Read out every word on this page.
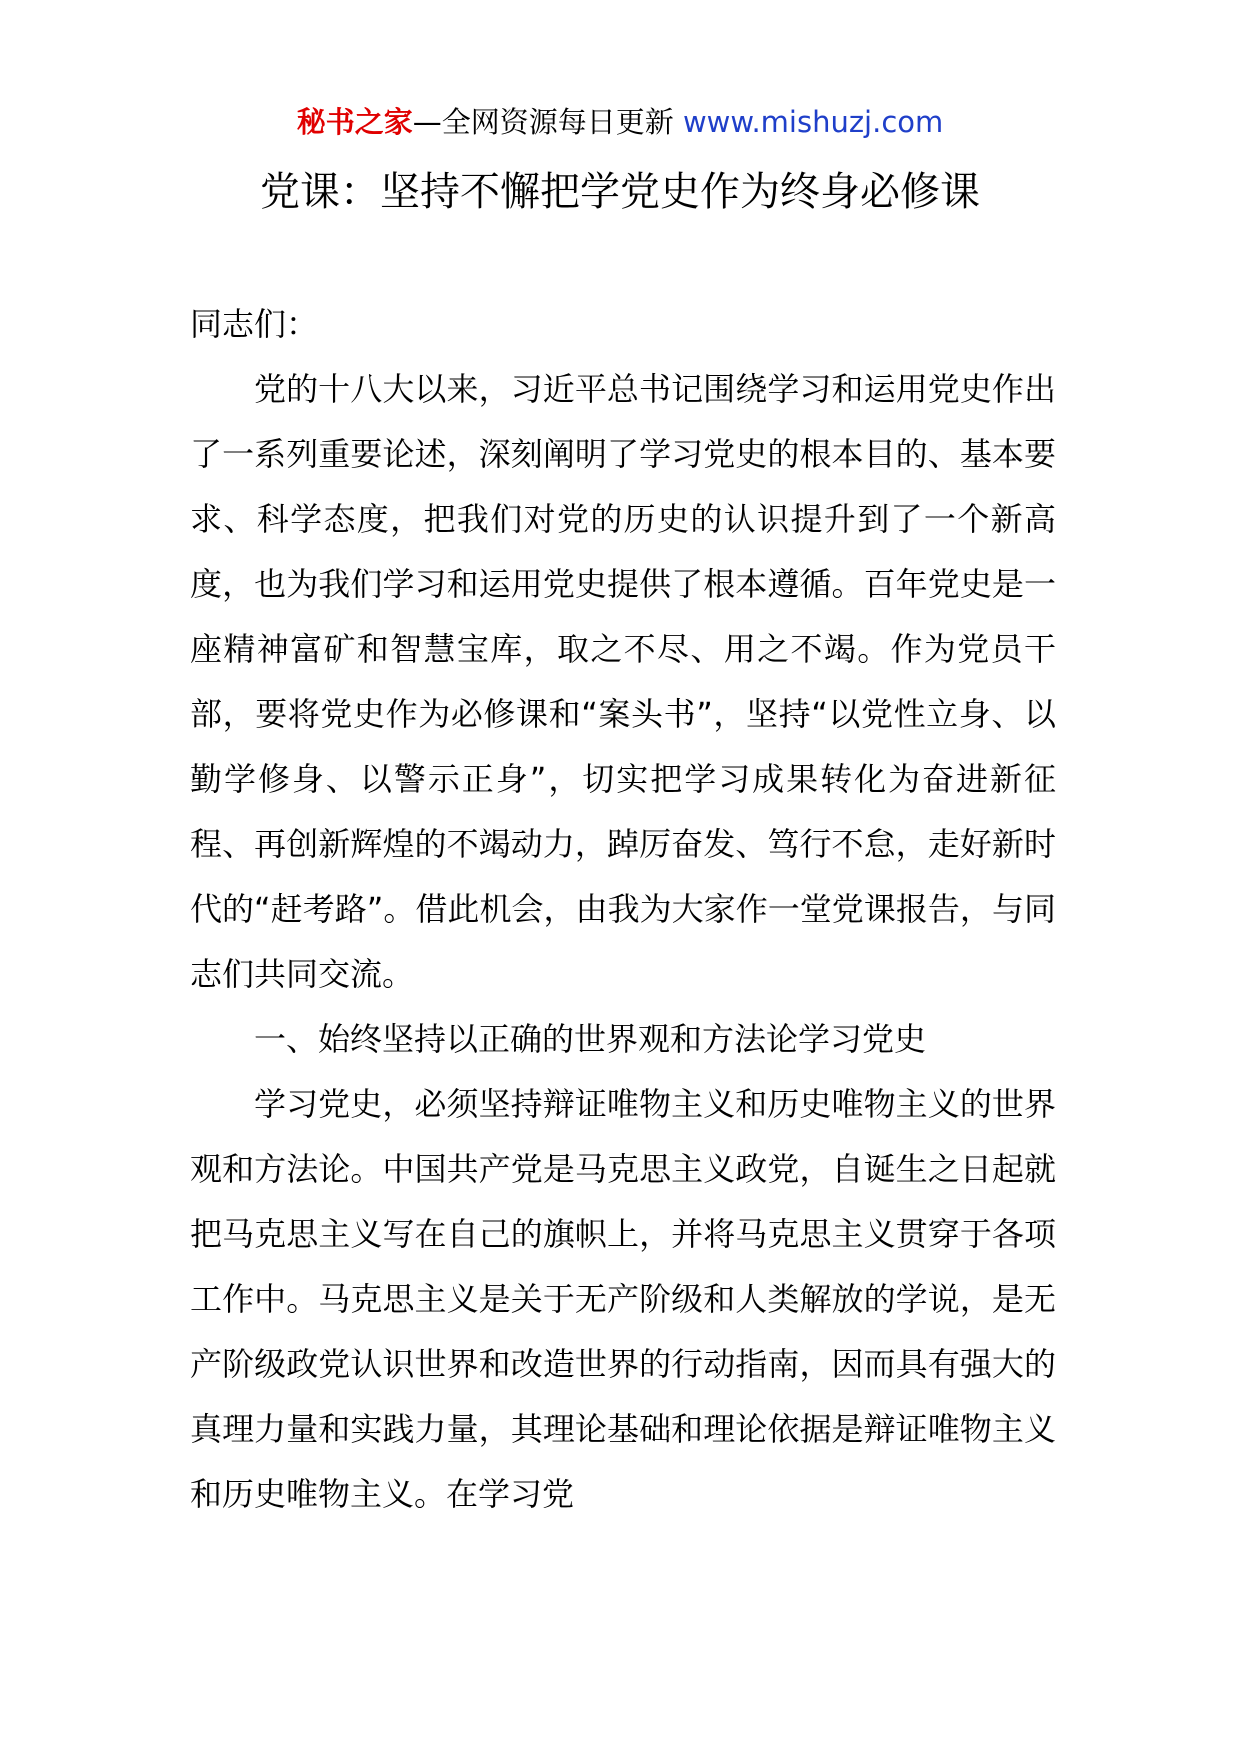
秘书之家—全网资源每日更新 www.mishuzj.com
党课：坚持不懈把学党史作为终身必修课

同志们：

党的十八大以来，习近平总书记围绕学习和运用党史作出了一系列重要论述，深刻阐明了学习党史的根本目的、基本要求、科学态度，把我们对党的历史的认识提升到了一个新高度，也为我们学习和运用党史提供了根本遵循。百年党史是一座精神富矿和智慧宝库，取之不尽、用之不竭。作为党员干部，要将党史作为必修课和“案头书”，坚持“以党性立身、以勤学修身、以警示正身”，切实把学习成果转化为奋进新征程、再创新辉煌的不竭动力，踔厉奋发、笃行不怠，走好新时代的“赶考路”。借此机会，由我为大家作一堂党课报告，与同志们共同交流。

一、始终坚持以正确的世界观和方法论学习党史

学习党史，必须坚持辩证唯物主义和历史唯物主义的世界观和方法论。中国共产党是马克思主义政党，自诞生之日起就把马克思主义写在自己的旗帜上，并将马克思主义贯穿于各项工作中。马克思主义是关于无产阶级和人类解放的学说，是无产阶级政党认识世界和改造世界的行动指南，因而具有强大的真理力量和实践力量，其理论基础和理论依据是辩证唯物主义和历史唯物主义。在学习党
